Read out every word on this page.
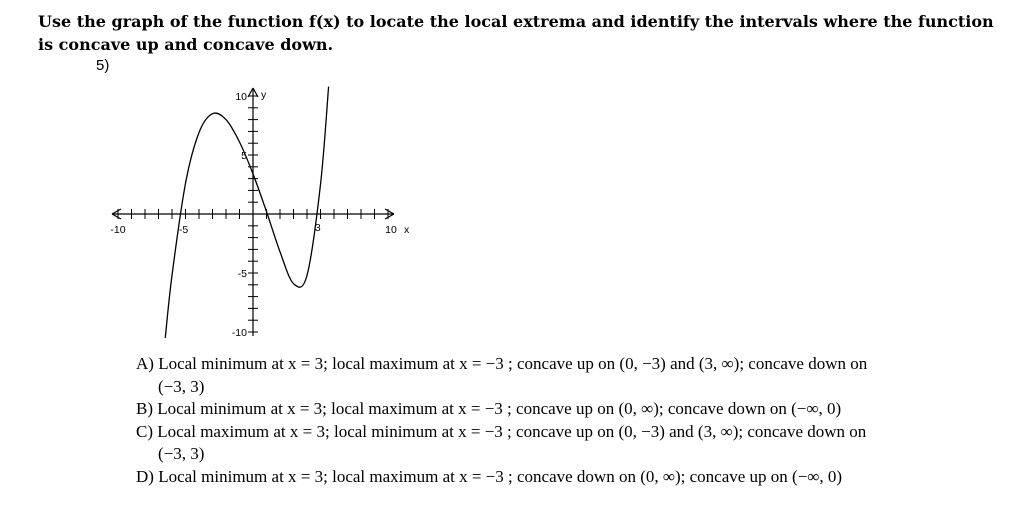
Use the graph of the function f(x) to locate the local extrema and identify the intervals where the function is concave up and concave down.
5)
-10	-5	10
10
5
-5
-10
3	x
y
A) Local minimum at x = 3; local maximum at x = −3 ; concave up on (0, −3) and (3, ∞); concave down on
(−3, 3)
B) Local minimum at x = 3; local maximum at x = −3 ; concave up on (0, ∞); concave down on (−∞, 0)
C) Local maximum at x = 3; local minimum at x = −3 ; concave up on (0, −3) and (3, ∞); concave down on
(−3, 3)
D) Local minimum at x = 3; local maximum at x = −3 ; concave down on (0, ∞); concave up on (−∞, 0)
